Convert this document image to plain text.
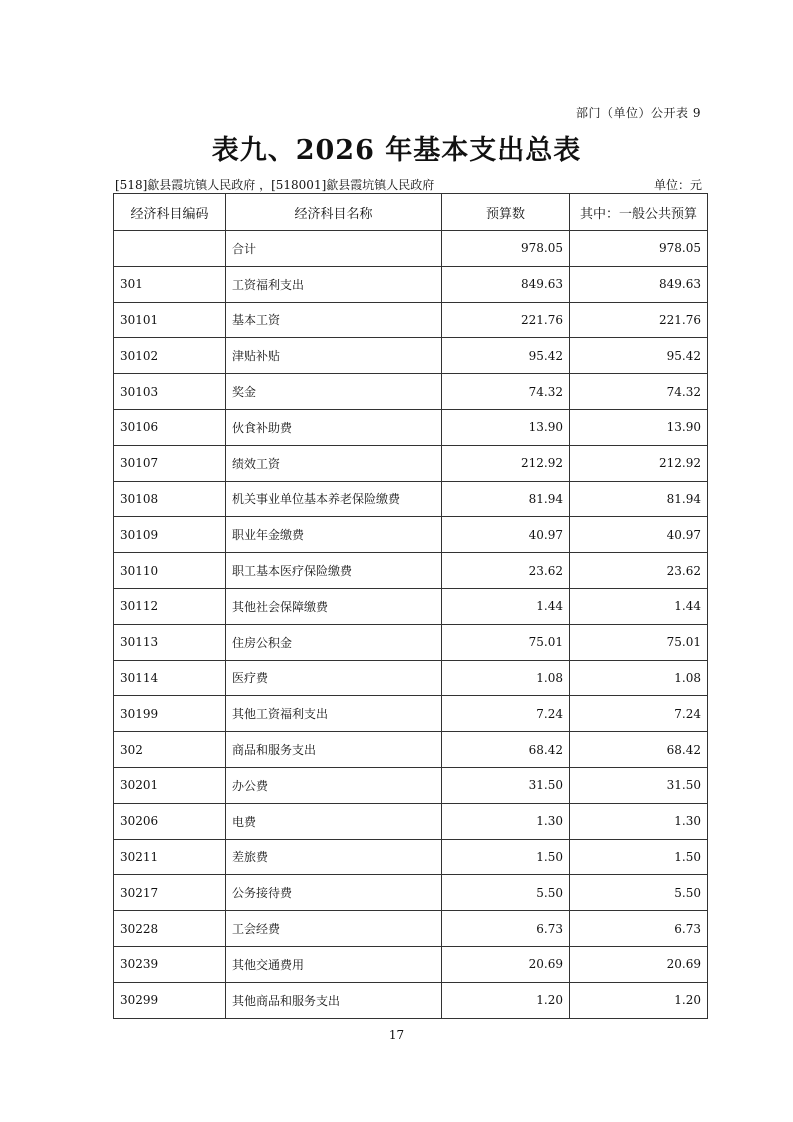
部门（单位）公开表 9
表九、2026 年基本支出总表
[518]歙县霞坑镇人民政府 ，[518001]歙县霞坑镇人民政府	单位：元
经济科目编码	经济科目名称	预算数	其中：一般公共预算
	合计	978.05	978.05
301	工资福利支出	849.63	849.63
30101	基本工资	221.76	221.76
30102	津贴补贴	95.42	95.42
30103	奖金	74.32	74.32
30106	伙食补助费	13.90	13.90
30107	绩效工资	212.92	212.92
30108	机关事业单位基本养老保险缴费	81.94	81.94
30109	职业年金缴费	40.97	40.97
30110	职工基本医疗保险缴费	23.62	23.62
30112	其他社会保障缴费	1.44	1.44
30113	住房公积金	75.01	75.01
30114	医疗费	1.08	1.08
30199	其他工资福利支出	7.24	7.24
302	商品和服务支出	68.42	68.42
30201	办公费	31.50	31.50
30206	电费	1.30	1.30
30211	差旅费	1.50	1.50
30217	公务接待费	5.50	5.50
30228	工会经费	6.73	6.73
30239	其他交通费用	20.69	20.69
30299	其他商品和服务支出	1.20	1.20
17
